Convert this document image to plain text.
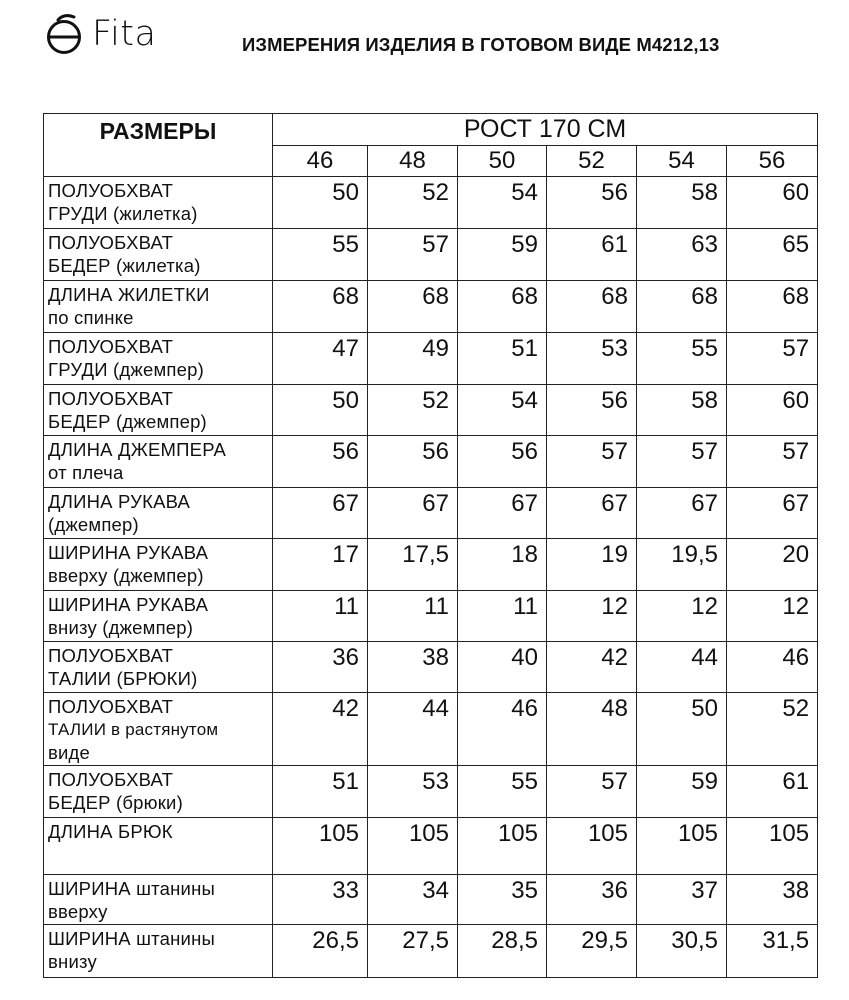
Fita	ИЗМЕРЕНИЯ ИЗДЕЛИЯ В ГОТОВОМ ВИДЕ М4212,13
РАЗМЕРЫ	РОСТ 170 СМ					
	46	48	50	52	54	56

ПОЛУОБХВАТ
ГРУДИ (жилетка)	50	52	54	56	58	60

ПОЛУОБХВАТ
БЕДЕР (жилетка)	55	57	59	61	63	65

ДЛИНА ЖИЛЕТКИ
по спинке	68	68	68	68	68	68

ПОЛУОБХВАТ
ГРУДИ (джемпер)	47	49	51	53	55	57

ПОЛУОБХВАТ
БЕДЕР (джемпер)	50	52	54	56	58	60

ДЛИНА ДЖЕМПЕРА
от плеча	56	56	56	57	57	57

ДЛИНА РУКАВА
(джемпер)	67	67	67	67	67	67

ШИРИНА РУКАВА
вверху (джемпер)	17	17,5	18	19	19,5	20

ШИРИНА РУКАВА
внизу (джемпер)	11	11	11	12	12	12

ПОЛУОБХВАТ
ТАЛИИ (БРЮКИ)	36	38	40	42	44	46

ПОЛУОБХВАТ
ТАЛИИ в растянутом
виде	42	44	46	48	50	52

ПОЛУОБХВАТ
БЕДЕР (брюки)	51	53	55	57	59	61

ДЛИНА БРЮК	105	105	105	105	105	105

ШИРИНА штанины
вверху	33	34	35	36	37	38

ШИРИНА штанины
внизу	26,5	27,5	28,5	29,5	30,5	31,5
